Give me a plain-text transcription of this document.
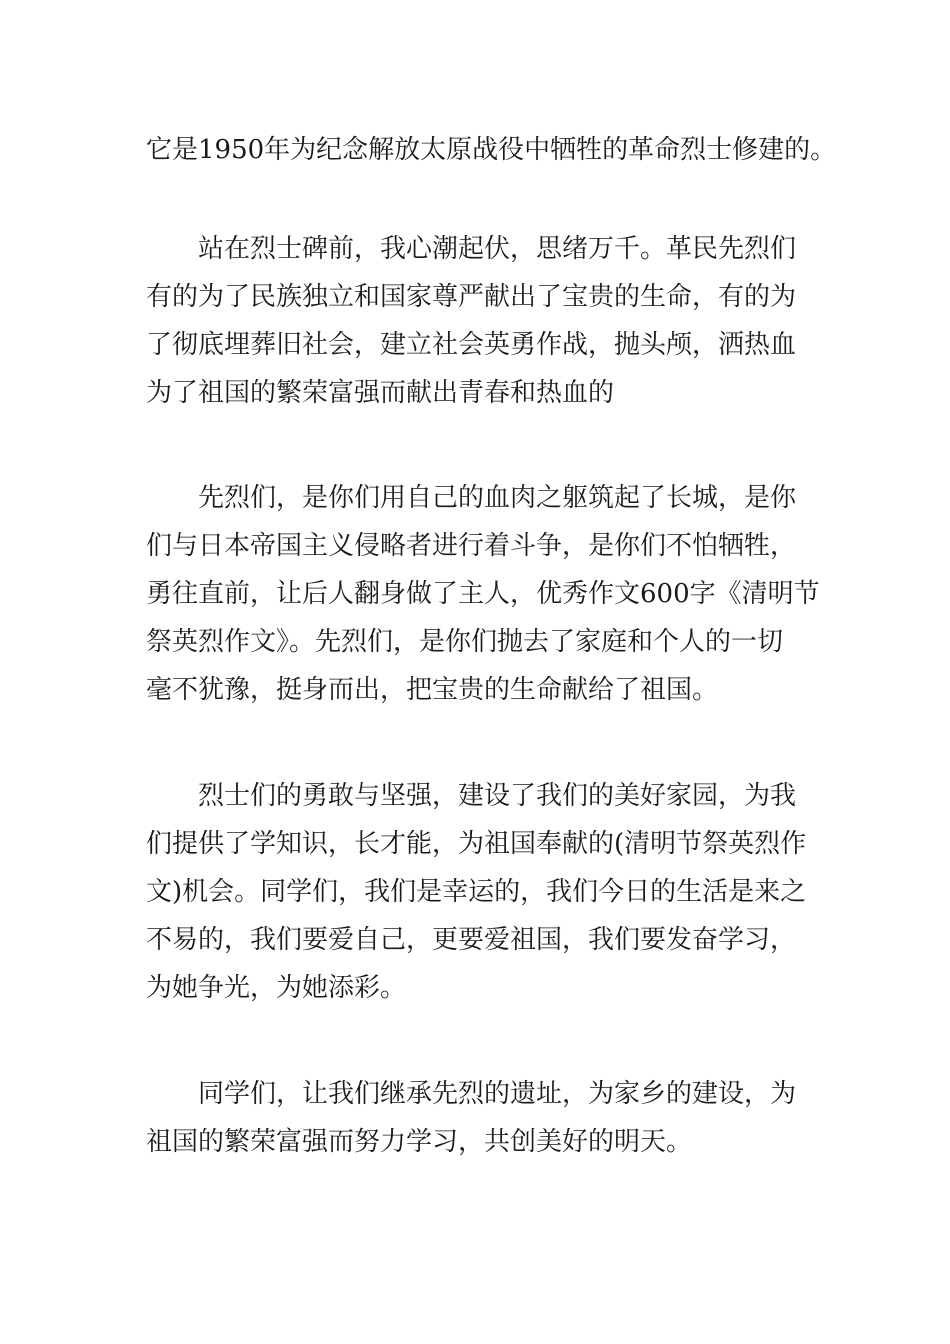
它是1950年为纪念解放太原战役中牺牲的革命烈士修建的。
站在烈士碑前，我心潮起伏，思绪万千。革民先烈们
有的为了民族独立和国家尊严献出了宝贵的生命，有的为
了彻底埋葬旧社会，建立社会英勇作战，抛头颅，洒热血
为了祖国的繁荣富强而献出青春和热血的
先烈们，是你们用自己的血肉之躯筑起了长城，是你
们与日本帝国主义侵略者进行着斗争，是你们不怕牺牲，
勇往直前，让后人翻身做了主人，优秀作文600字《清明节
祭英烈作文》。先烈们，是你们抛去了家庭和个人的一切
毫不犹豫，挺身而出，把宝贵的生命献给了祖国。
烈士们的勇敢与坚强，建设了我们的美好家园，为我
们提供了学知识，长才能，为祖国奉献的(清明节祭英烈作
文)机会。同学们，我们是幸运的，我们今日的生活是来之
不易的，我们要爱自己，更要爱祖国，我们要发奋学习，
为她争光，为她添彩。
同学们，让我们继承先烈的遗址，为家乡的建设，为
祖国的繁荣富强而努力学习，共创美好的明天。
